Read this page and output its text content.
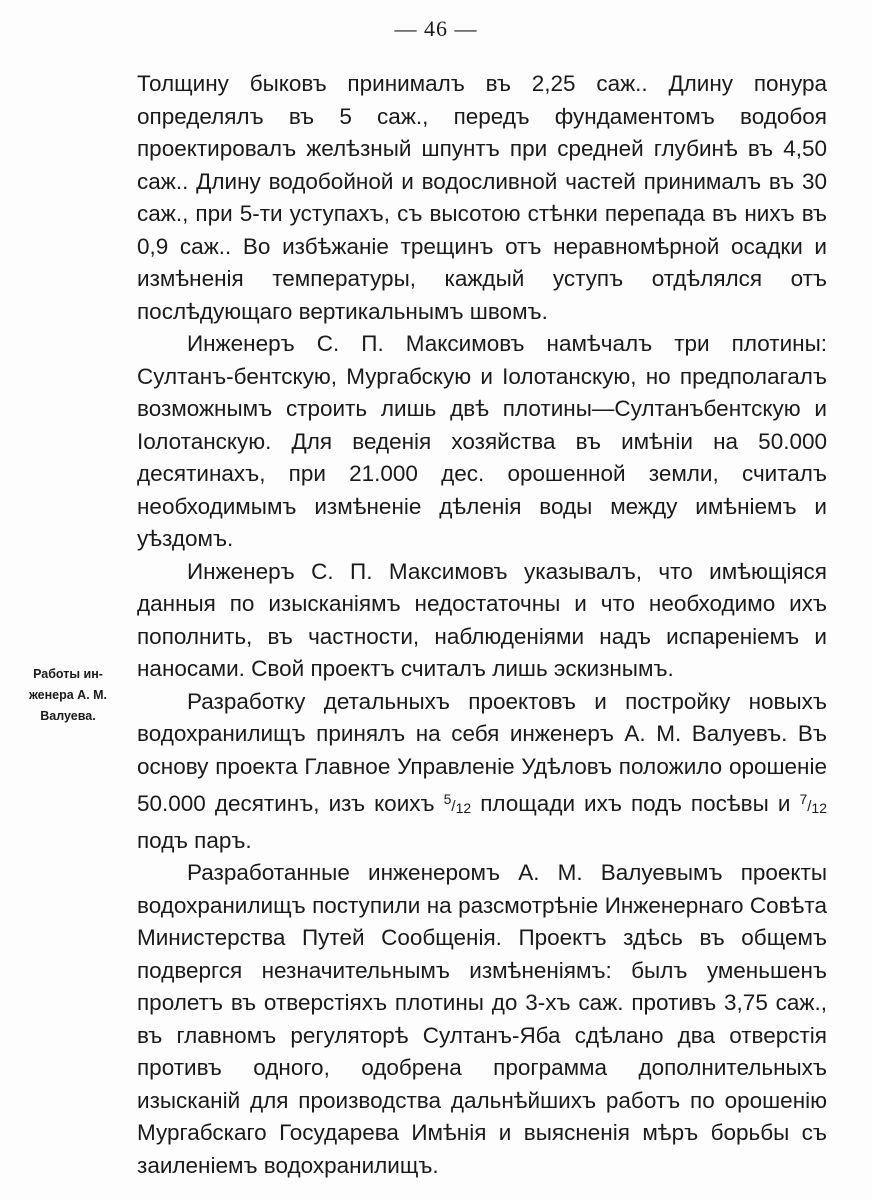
— 46 —
Работы ин-
женера А. М.
Валуева.

Толщину быковъ принималъ въ 2,25 саж.. Длину понура определялъ въ 5 саж., передъ фундаментомъ водобоя проектировалъ желѣзный шпунтъ при средней глубинѣ въ 4,50 саж.. Длину водобойной и водосливной частей принималъ въ 30 саж., при 5-ти уступахъ, съ высотою стѣнки перепада въ нихъ въ 0,9 саж.. Во избѣжаніе трещинъ отъ неравномѣрной осадки и измѣненія температуры, каждый уступъ отдѣлялся отъ послѣдующаго вертикальнымъ швомъ.

Инженеръ С. П. Максимовъ намѣчалъ три плотины: Султанъ-бентскую, Мургабскую и Іолотанскую, но предполагалъ возможнымъ строить лишь двѣ плотины—Султанъбентскую и Іолотанскую. Для веденія хозяйства въ имѣніи на 50.000 десятинахъ, при 21.000 дес. орошенной земли, считалъ необходимымъ измѣненіе дѣленія воды между имѣніемъ и уѣздомъ.

Инженеръ С. П. Максимовъ указывалъ, что имѣющіяся данныя по изысканіямъ недостаточны и что необходимо ихъ пополнить, въ частности, наблюденіями надъ испареніемъ и наносами. Свой проектъ считалъ лишь эскизнымъ.

Разработку детальныхъ проектовъ и постройку новыхъ водохранилищъ принялъ на себя инженеръ А. М. Валуевъ. Въ основу проекта Главное Управленіе Удѣловъ положило орошеніе 50.000 десятинъ, изъ коихъ $^5/_{12}$ площади ихъ подъ посѣвы и $^7/_{12}$ подъ паръ.

Разработанные инженеромъ А. М. Валуевымъ проекты водохранилищъ поступили на разсмотрѣніе Инженернаго Совѣта Министерства Путей Сообщенія. Проектъ здѣсь въ общемъ подвергся незначительнымъ измѣненіямъ: былъ уменьшенъ пролетъ въ отверстіяхъ плотины до 3-хъ саж. противъ 3,75 саж., въ главномъ регуляторѣ Султанъ-Яба сдѣлано два отверстія противъ одного, одобрена программа дополнительныхъ изысканій для производства дальнѣйшихъ работъ по орошенію Мургабскаго Государева Имѣнія и выясненія мѣръ борьбы съ заиленіемъ водохранилищъ.
